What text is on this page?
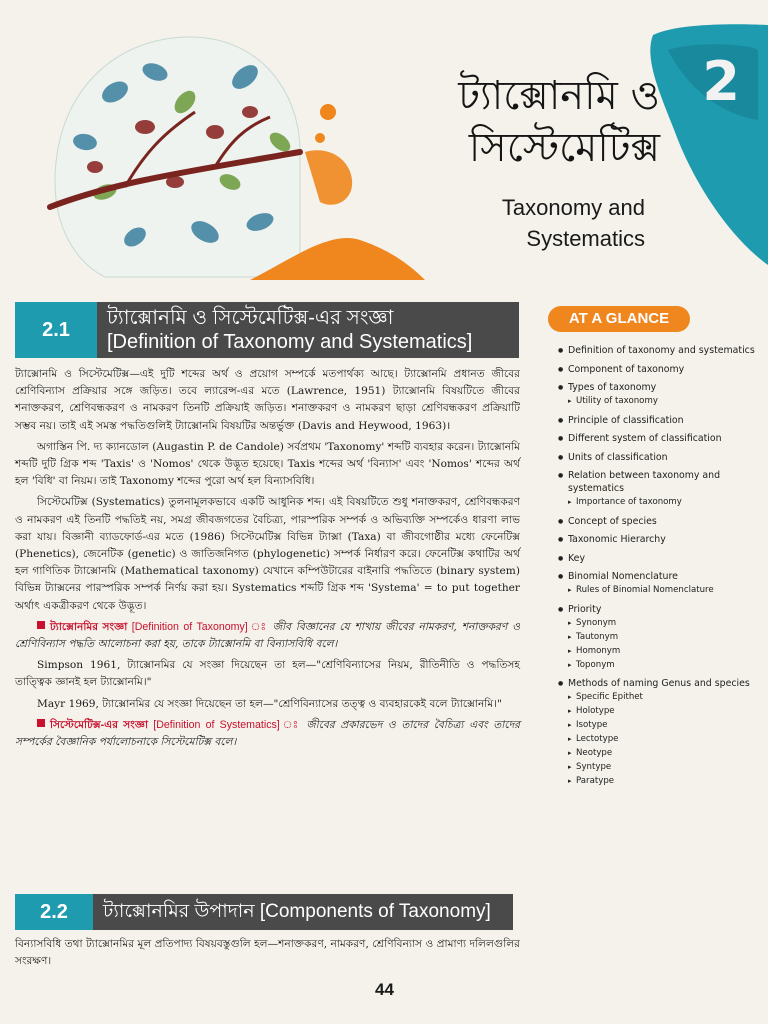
2
ট্যাক্সোনমি ও
সিস্টেমেটিক্স
Taxonomy and
Systematics
2.1
ট্যাক্সোনমি ও সিস্টেমেটিক্স-এর সংজ্ঞা
[Definition of Taxonomy and Systematics]

ট্যাক্সোনমি ও সিস্টেমেটিক্স—এই দুটি শব্দের অর্থ ও প্রয়োগ সম্পর্কে মতপার্থক্য আছে। ট্যাক্সোনমি প্রধানত জীবের শ্রেণিবিন্যাস প্রক্রিয়ার সঙ্গে জড়িত। তবে ল্যারেন্স-এর মতে (Lawrence, 1951) ট্যাক্সোনমি বিষয়টিতে জীবের শনাক্তকরণ, শ্রেণিবন্ধকরণ ও নামকরণ তিনটি প্রক্রিয়াই জড়িত। শনাক্তকরণ ও নামকরণ ছাড়া শ্রেণিবন্ধকরণ প্রক্রিয়াটি সম্ভব নয়। তাই এই সমস্ত পদ্ধতিগুলিই ট্যাক্সোনমি বিষয়টির অন্তর্ভুক্ত (Davis and Heywood, 1963)।

অগাস্তিন পি. দ্য ক্যানডোল (Augastin P. de Candole) সর্বপ্রথম 'Taxonomy' শব্দটি ব্যবহার করেন। ট্যাক্সোনমি শব্দটি দুটি গ্রিক শব্দ 'Taxis' ও 'Nomos' থেকে উদ্ভূত হয়েছে। Taxis শব্দের অর্থ 'বিন্যাস' এবং 'Nomos' শব্দের অর্থ হল 'বিধি' বা নিয়ম। তাই Taxonomy শব্দের পুরো অর্থ হল বিন্যাসবিধি।

সিস্টেমেটিক্স (Systematics) তুলনামূলকভাবে একটি আধুনিক শব্দ। এই বিষয়টিতে শুধু শনাক্তকরণ, শ্রেণিবন্ধকরণ ও নামকরণ এই তিনটি পদ্ধতিই নয়, সমগ্র জীবজগতের বৈচিত্র্য, পারস্পরিক সম্পর্ক ও অভিব্যক্তি সম্পর্কেও ধারণা লাভ করা যায়। বিজ্ঞানী ব্যাডফোর্ড-এর মতে (1986) সিস্টেমেটিক্স বিভিন্ন ট্যাক্সা (Taxa) বা জীবগোষ্ঠীর মধ্যে ফেনেটিক্স (Phenetics), জেনেটিক (genetic) ও জাতিজনিগত (phylogenetic) সম্পর্ক নির্ধারণ করে। ফেনেটিক্স কথাটির অর্থ হল গাণিতিক ট্যাক্সোনমি (Mathematical taxonomy) যেখানে কম্পিউটারের বাইনারি পদ্ধতিতে (binary system) বিভিন্ন ট্যাক্সনের পারস্পরিক সম্পর্ক নির্ণয় করা হয়। Systematics শব্দটি গ্রিক শব্দ 'Systema' = to put together অর্থাৎ একত্রীকরণ থেকে উদ্ভূত।

ট্যাক্সোনমির সংজ্ঞা [Definition of Taxonomy] ঃ জীব বিজ্ঞানের যে শাখায় জীবের নামকরণ, শনাক্তকরণ ও শ্রেণিবিন্যাস পদ্ধতি আলোচনা করা হয়, তাকে ট্যাক্সোনমি বা বিন্যাসবিধি বলে।

Simpson 1961, ট্যাক্সোনমির যে সংজ্ঞা দিয়েছেন তা হল—"শ্রেণিবিন্যাসের নিয়ম, রীতিনীতি ও পদ্ধতিসহ তাত্ত্বিক জ্ঞানই হল ট্যাক্সোনমি।"

Mayr 1969, ট্যাক্সোনমির যে সংজ্ঞা দিয়েছেন তা হল—"শ্রেণিবিন্যাসের তত্ত্ব ও ব্যবহারকেই বলে ট্যাক্সোনমি।"

সিস্টেমেটিক্স-এর সংজ্ঞা [Definition of Systematics] ঃ জীবের প্রকারভেদ ও তাদের বৈচিত্র্য এবং তাদের সম্পর্কের বৈজ্ঞানিক পর্যালোচনাকে সিস্টেমেটিক্স বলে।

2.2	ট্যাক্সোনমির উপাদান [Components of Taxonomy]

বিন্যাসবিধি তথা ট্যাক্সোনমির মূল প্রতিপাদ্য বিষয়বস্তুগুলি হল—শনাক্তকরণ, নামকরণ, শ্রেণিবিন্যাস ও প্রামাণ্য দলিলগুলির সংরক্ষণ।

44
AT A GLANCE
● Definition of taxonomy and systematics
● Component of taxonomy
● Types of taxonomy
▸ Utility of taxonomy
● Principle of classification
● Different system of classification
● Units of classification
● Relation between taxonomy and systematics
▸ Importance of taxonomy
● Concept of species
● Taxonomic Hierarchy
● Key
● Binomial Nomenclature
▸ Rules of Binomial Nomenclature
● Priority
▸ Synonym
▸ Tautonym
▸ Homonym
▸ Toponym
● Methods of naming Genus and species
▸ Specific Epithet
▸ Holotype
▸ Isotype
▸ Lectotype
▸ Neotype
▸ Syntype
▸ Paratype
